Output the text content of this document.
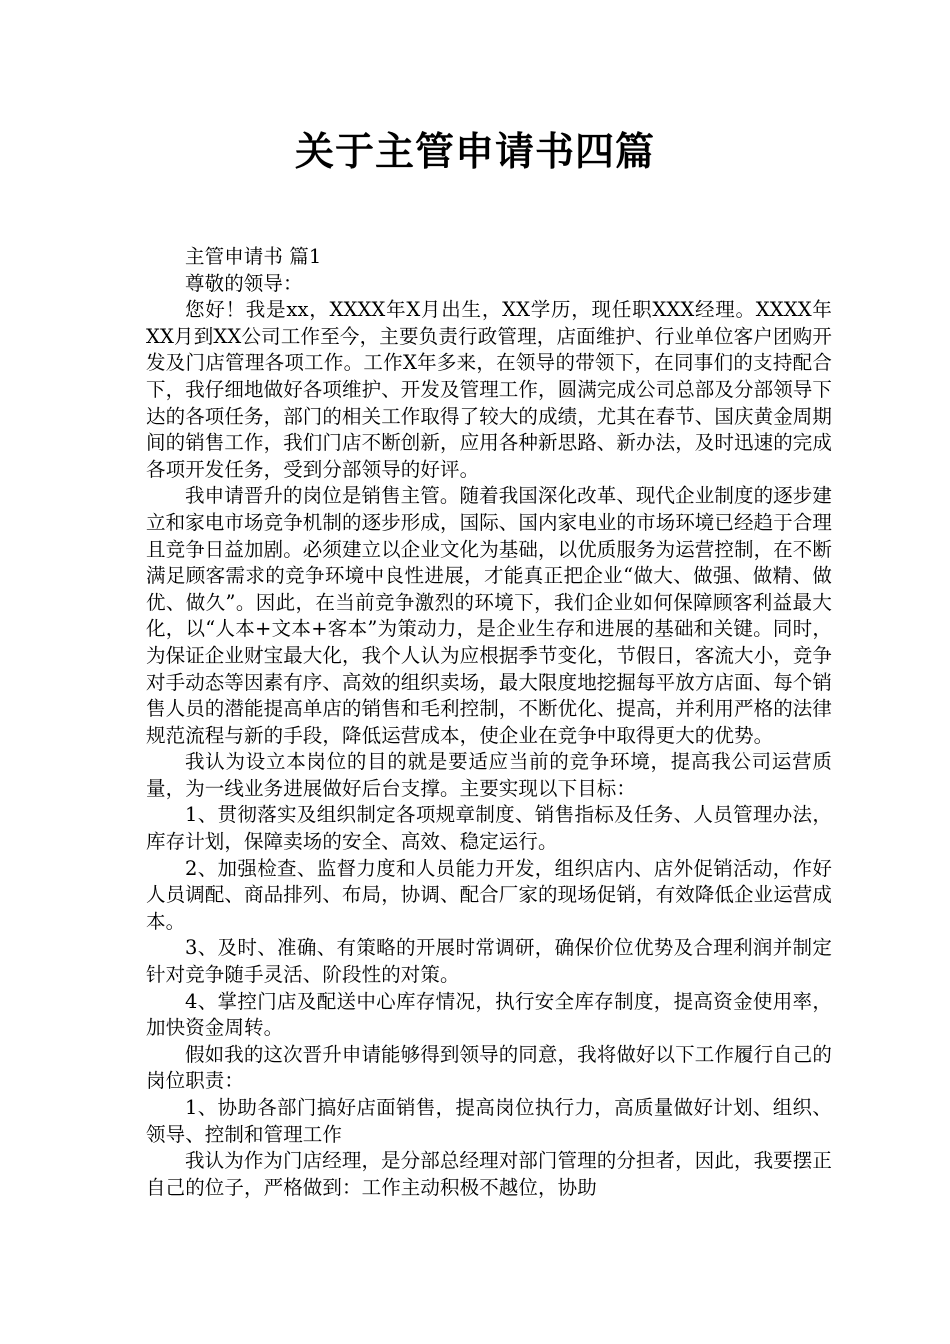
关于主管申请书四篇

主管申请书 篇1

尊敬的领导：

您好！我是xx，XXXX年X月出生，XX学历，现任职XXX经理。XXXX年XX月到XX公司工作至今，主要负责行政管理，店面维护、行业单位客户团购开发及门店管理各项工作。工作X年多来，在领导的带领下，在同事们的支持配合下，我仔细地做好各项维护、开发及管理工作，圆满完成公司总部及分部领导下达的各项任务，部门的相关工作取得了较大的成绩，尤其在春节、国庆黄金周期间的销售工作，我们门店不断创新，应用各种新思路、新办法，及时迅速的完成各项开发任务，受到分部领导的好评。

我申请晋升的岗位是销售主管。随着我国深化改革、现代企业制度的逐步建立和家电市场竞争机制的逐步形成，国际、国内家电业的市场环境已经趋于合理且竞争日益加剧。必须建立以企业文化为基础，以优质服务为运营控制，在不断满足顾客需求的竞争环境中良性进展，才能真正把企业“做大、做强、做精、做优、做久”。因此，在当前竞争激烈的环境下，我们企业如何保障顾客利益最大化，以“人本+文本+客本”为策动力，是企业生存和进展的基础和关键。同时，为保证企业财宝最大化，我个人认为应根据季节变化，节假日，客流大小，竞争对手动态等因素有序、高效的组织卖场，最大限度地挖掘每平放方店面、每个销售人员的潜能提高单店的销售和毛利控制，不断优化、提高，并利用严格的法律规范流程与新的手段，降低运营成本，使企业在竞争中取得更大的优势。

我认为设立本岗位的目的就是要适应当前的竞争环境，提高我公司运营质量，为一线业务进展做好后台支撑。主要实现以下目标：

1、贯彻落实及组织制定各项规章制度、销售指标及任务、人员管理办法，库存计划，保障卖场的安全、高效、稳定运行。

2、加强检查、监督力度和人员能力开发，组织店内、店外促销活动，作好人员调配、商品排列、布局，协调、配合厂家的现场促销，有效降低企业运营成本。

3、及时、准确、有策略的开展时常调研，确保价位优势及合理利润并制定针对竞争随手灵活、阶段性的对策。

4、掌控门店及配送中心库存情况，执行安全库存制度，提高资金使用率，加快资金周转。

假如我的这次晋升申请能够得到领导的同意，我将做好以下工作履行自己的岗位职责：

1、协助各部门搞好店面销售，提高岗位执行力，高质量做好计划、组织、领导、控制和管理工作

我认为作为门店经理，是分部总经理对部门管理的分担者，因此，我要摆正自己的位子，严格做到：工作主动积极不越位，协助
